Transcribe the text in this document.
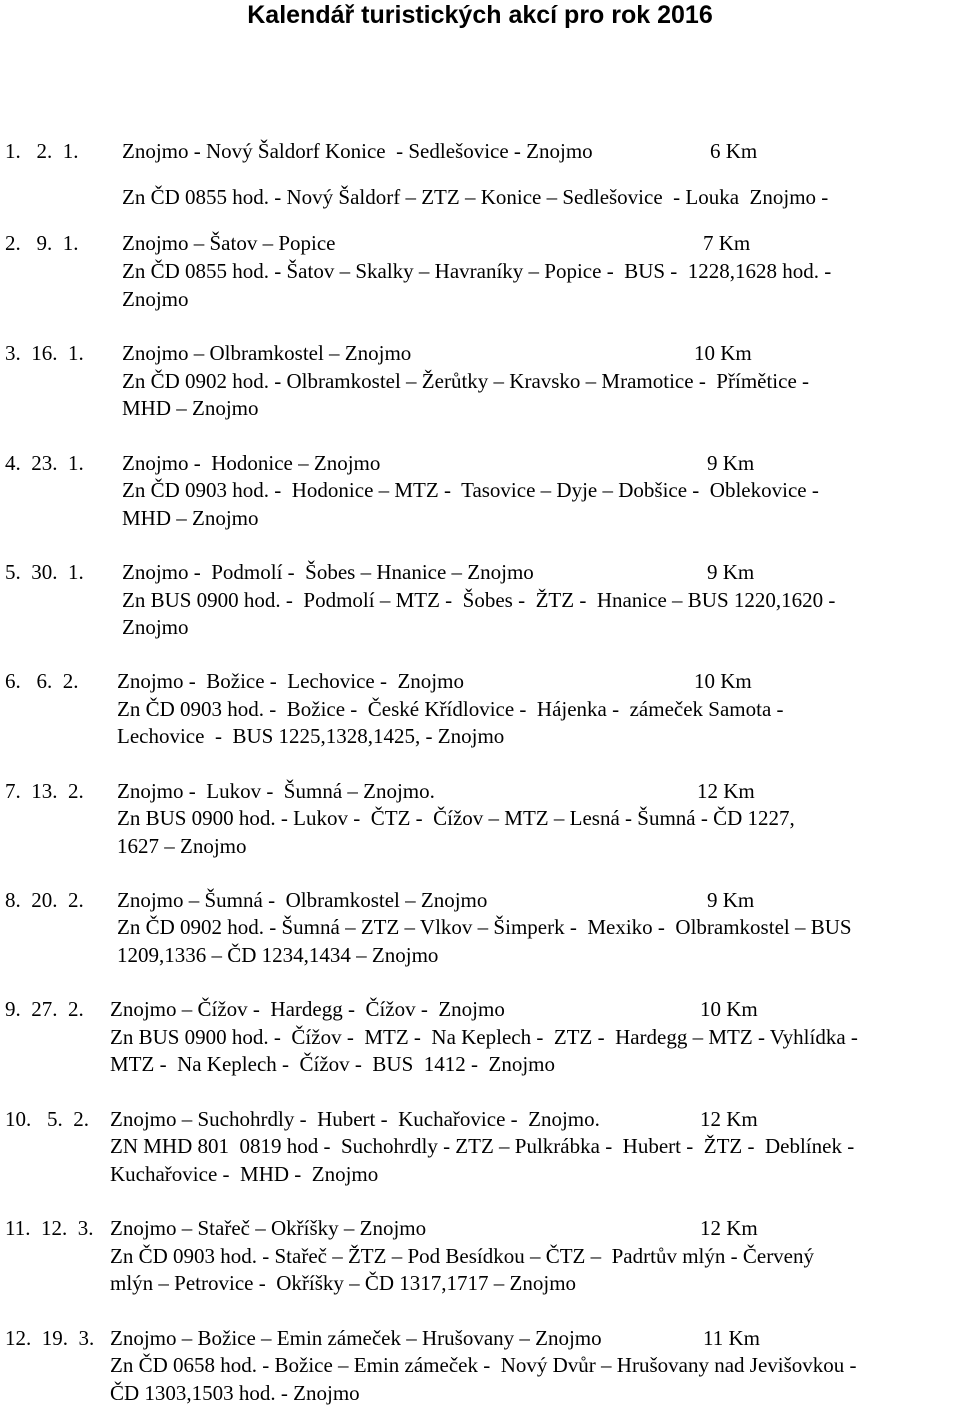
Kalendář turistických akcí pro rok 2016
1.   2.  1. Znojmo - Nový Šaldorf Konice  - Sedlešovice - Znojmo	6 Km
Zn ČD 0855 hod. - Nový Šaldorf – ZTZ – Konice – Sedlešovice  - Louka  Znojmo -
2.   9.  1. Znojmo – Šatov – Popice	7 Km
Zn ČD 0855 hod. - Šatov – Skalky – Havraníky – Popice -  BUS -  1228,1628 hod. -
Znojmo
3.  16.  1. Znojmo – Olbramkostel – Znojmo	10 Km
Zn ČD 0902 hod. - Olbramkostel – Žerůtky – Kravsko – Mramotice -  Přímětice -
MHD – Znojmo
4.  23.  1. Znojmo -  Hodonice – Znojmo	9 Km
Zn ČD 0903 hod. -  Hodonice – MTZ -  Tasovice – Dyje – Dobšice -  Oblekovice -
MHD – Znojmo
5.  30.  1. Znojmo -  Podmolí -  Šobes – Hnanice – Znojmo	9 Km
Zn BUS 0900 hod. -  Podmolí – MTZ -  Šobes -  ŽTZ -  Hnanice – BUS 1220,1620 -
Znojmo
6.   6.  2. Znojmo -  Božice -  Lechovice -  Znojmo	10 Km
Zn ČD 0903 hod. -  Božice -  České Křídlovice -  Hájenka -  zámeček Samota -
Lechovice  -  BUS 1225,1328,1425, - Znojmo
7.  13.  2. Znojmo -  Lukov -  Šumná – Znojmo.	12 Km
Zn BUS 0900 hod. - Lukov -  ČTZ -  Čížov – MTZ – Lesná - Šumná - ČD 1227,
1627 – Znojmo
8.  20.  2. Znojmo – Šumná -  Olbramkostel – Znojmo	9 Km
Zn ČD 0902 hod. - Šumná – ZTZ – Vlkov – Šimperk -  Mexiko -  Olbramkostel – BUS
1209,1336 – ČD 1234,1434 – Znojmo
9.  27.  2. Znojmo – Čížov -  Hardegg -  Čížov -  Znojmo	10 Km
Zn BUS 0900 hod. -  Čížov -  MTZ -  Na Keplech -  ZTZ -  Hardegg – MTZ - Vyhlídka -
MTZ -  Na Keplech -  Čížov -  BUS  1412 -  Znojmo
10.   5.  2. Znojmo – Suchohrdly -  Hubert -  Kuchařovice -  Znojmo.	12 Km
ZN MHD 801  0819 hod -  Suchohrdly - ZTZ – Pulkrábka -  Hubert -  ŽTZ -  Deblínek -
Kuchařovice -  MHD -  Znojmo
11.  12.  3. Znojmo – Stařeč – Okříšky – Znojmo	12 Km
Zn ČD 0903 hod. - Stařeč – ŽTZ – Pod Besídkou – ČTZ –  Padrtův mlýn - Červený
mlýn – Petrovice -  Okříšky – ČD 1317,1717 – Znojmo
12.  19.  3. Znojmo – Božice – Emin zámeček – Hrušovany – Znojmo	11 Km
Zn ČD 0658 hod. - Božice – Emin zámeček -  Nový Dvůr – Hrušovany nad Jevišovkou -
ČD 1303,1503 hod. - Znojmo
